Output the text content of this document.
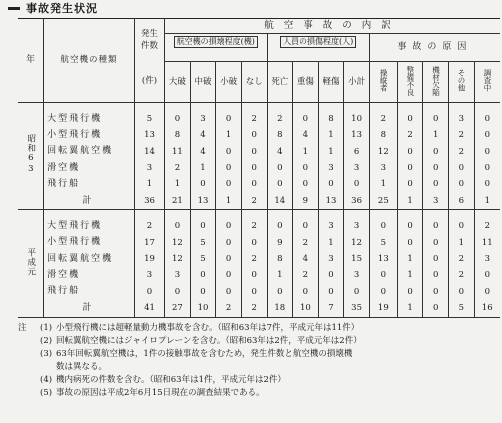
事故発生状況
年	航空機の種類	発生
件数	航空事故の内訳												
			航空機の損壊程度(機)				人員の損傷程度(人)				事故の原因				

		(件)	大破	中破	小破	なし	死亡	重傷	軽傷	小計	操縦者	整備不良	機材欠陥	その他	調査中
昭和63															
	大型飛行機	5	0	3	0	2	2	0	8	10	2	0	0	3	0
	小型飛行機	13	8	4	1	0	8	4	1	13	8	2	1	2	0
	回転翼航空機	14	11	4	0	0	4	1	1	6	12	0	0	2	0
	滑空機	3	2	1	0	0	0	0	3	3	3	0	0	0	0
	飛行船	1	1	0	0	0	0	0	0	0	1	0	0	0	0
	計	36	21	13	1	2	14	9	13	36	25	1	3	6	1
平成元															
	大型飛行機	2	0	0	0	2	0	0	3	3	0	0	0	0	2
	小型飛行機	17	12	5	0	0	9	2	1	12	5	0	0	1	11
	回転翼航空機	19	12	5	0	2	8	4	3	15	13	1	0	2	3
	滑空機	3	3	0	0	0	1	2	0	3	0	1	0	2	0
	飛行船	0	0	0	0	0	0	0	0	0	0	0	0	0	0
	計	41	27	10	2	2	18	10	7	35	19	1	0	5	16
注	(1) 小型飛行機には超軽量動力機事故を含む。（昭和63年は7件，平成元年は11件）
(2) 回転翼航空機にはジャイロプレーンを含む。（昭和63年は2件，平成元年は2件）
(3) 63年回転翼航空機は，1件の接触事故を含むため，発生件数と航空機の損壊機
数は異なる。
(4) 機内病死の件数を含む。（昭和63年は1件，平成元年は2件）
(5) 事故の原因は平成2年6月15日現在の調査結果である。
